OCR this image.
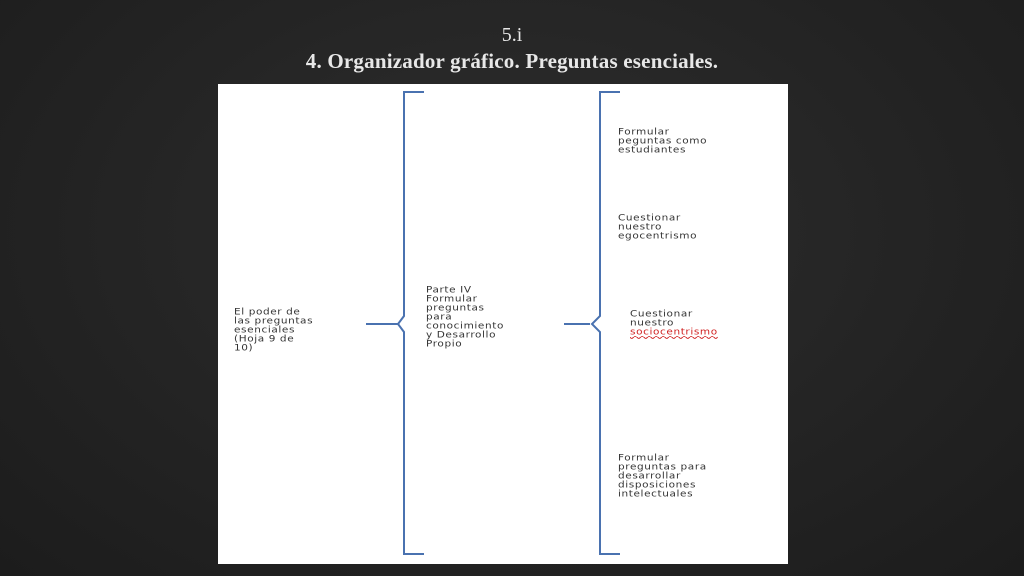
5.i
4. Organizador gráfico. Preguntas esenciales.
El poder de
las preguntas
esenciales
(Hoja 9 de
10)
Parte IV
Formular
preguntas
para
conocimiento
y Desarrollo
Propio
Formular
peguntas como
estudiantes
Cuestionar
nuestro
egocentrismo
Cuestionar
nuestro
sociocentrismo
Formular
preguntas para
desarrollar
disposiciones
intelectuales
